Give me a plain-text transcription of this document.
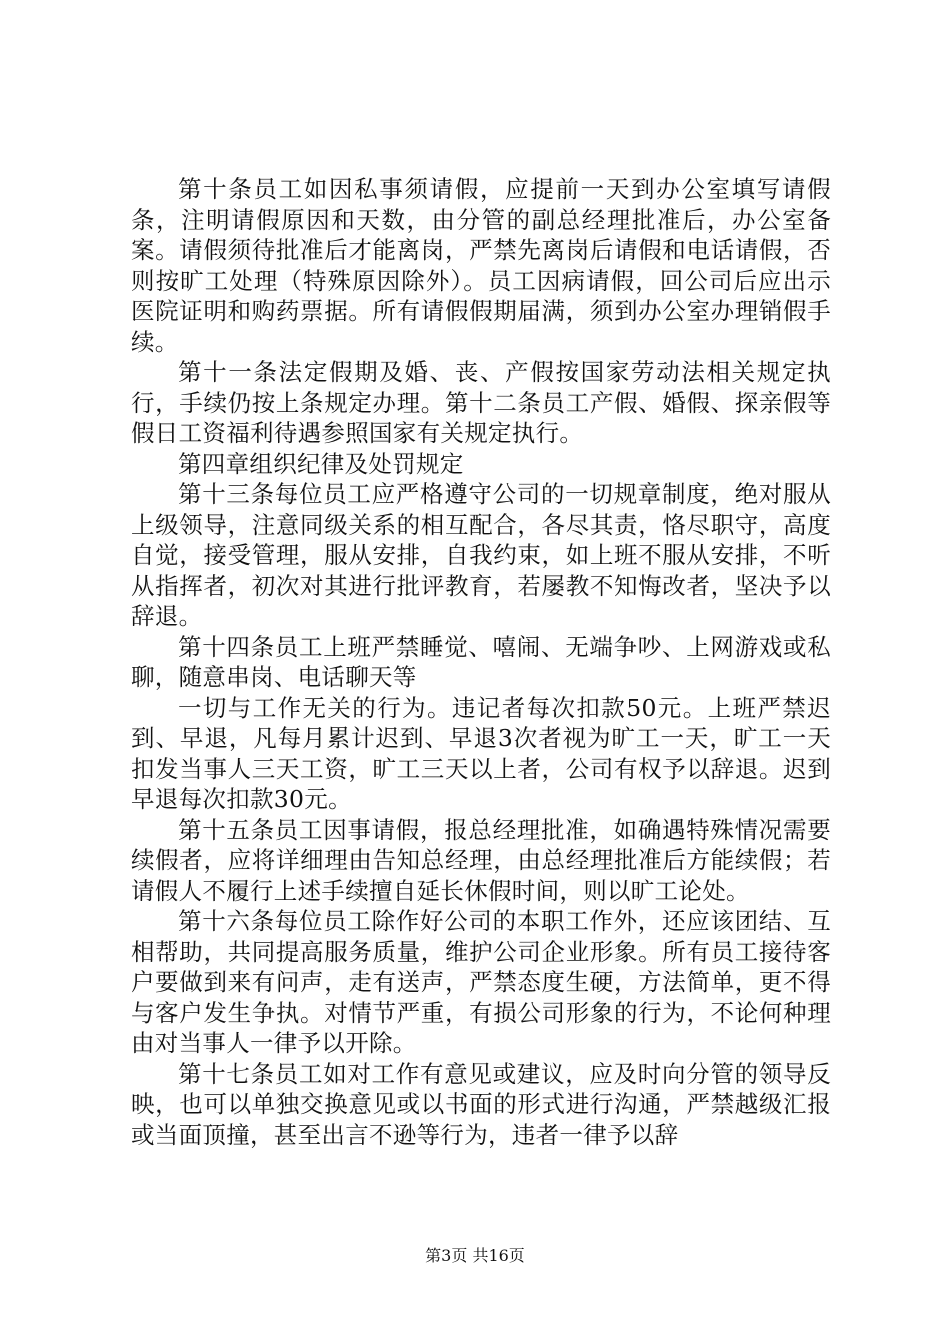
第十条员工如因私事须请假，应提前一天到办公室填写请假条，注明请假原因和天数，由分管的副总经理批准后，办公室备案。请假须待批准后才能离岗，严禁先离岗后请假和电话请假，否则按旷工处理（特殊原因除外）。员工因病请假，回公司后应出示医院证明和购药票据。所有请假假期届满，须到办公室办理销假手续。

第十一条法定假期及婚、丧、产假按国家劳动法相关规定执行，手续仍按上条规定办理。第十二条员工产假、婚假、探亲假等假日工资福利待遇参照国家有关规定执行。

第四章组织纪律及处罚规定

第十三条每位员工应严格遵守公司的一切规章制度，绝对服从上级领导，注意同级关系的相互配合，各尽其责，恪尽职守，高度自觉，接受管理，服从安排，自我约束，如上班不服从安排，不听从指挥者，初次对其进行批评教育，若屡教不知悔改者，坚决予以辞退。

第十四条员工上班严禁睡觉、嘻闹、无端争吵、上网游戏或私聊，随意串岗、电话聊天等

一切与工作无关的行为。违记者每次扣款50元。上班严禁迟到、早退，凡每月累计迟到、早退3次者视为旷工一天，旷工一天扣发当事人三天工资，旷工三天以上者，公司有权予以辞退。迟到早退每次扣款30元。

第十五条员工因事请假，报总经理批准，如确遇特殊情况需要续假者，应将详细理由告知总经理，由总经理批准后方能续假；若请假人不履行上述手续擅自延长休假时间，则以旷工论处。

第十六条每位员工除作好公司的本职工作外，还应该团结、互相帮助，共同提高服务质量，维护公司企业形象。所有员工接待客户要做到来有问声，走有送声，严禁态度生硬，方法简单，更不得与客户发生争执。对情节严重，有损公司形象的行为，不论何种理由对当事人一律予以开除。

第十七条员工如对工作有意见或建议，应及时向分管的领导反映，也可以单独交换意见或以书面的形式进行沟通，严禁越级汇报或当面顶撞，甚至出言不逊等行为，违者一律予以辞

第3页 共16页
